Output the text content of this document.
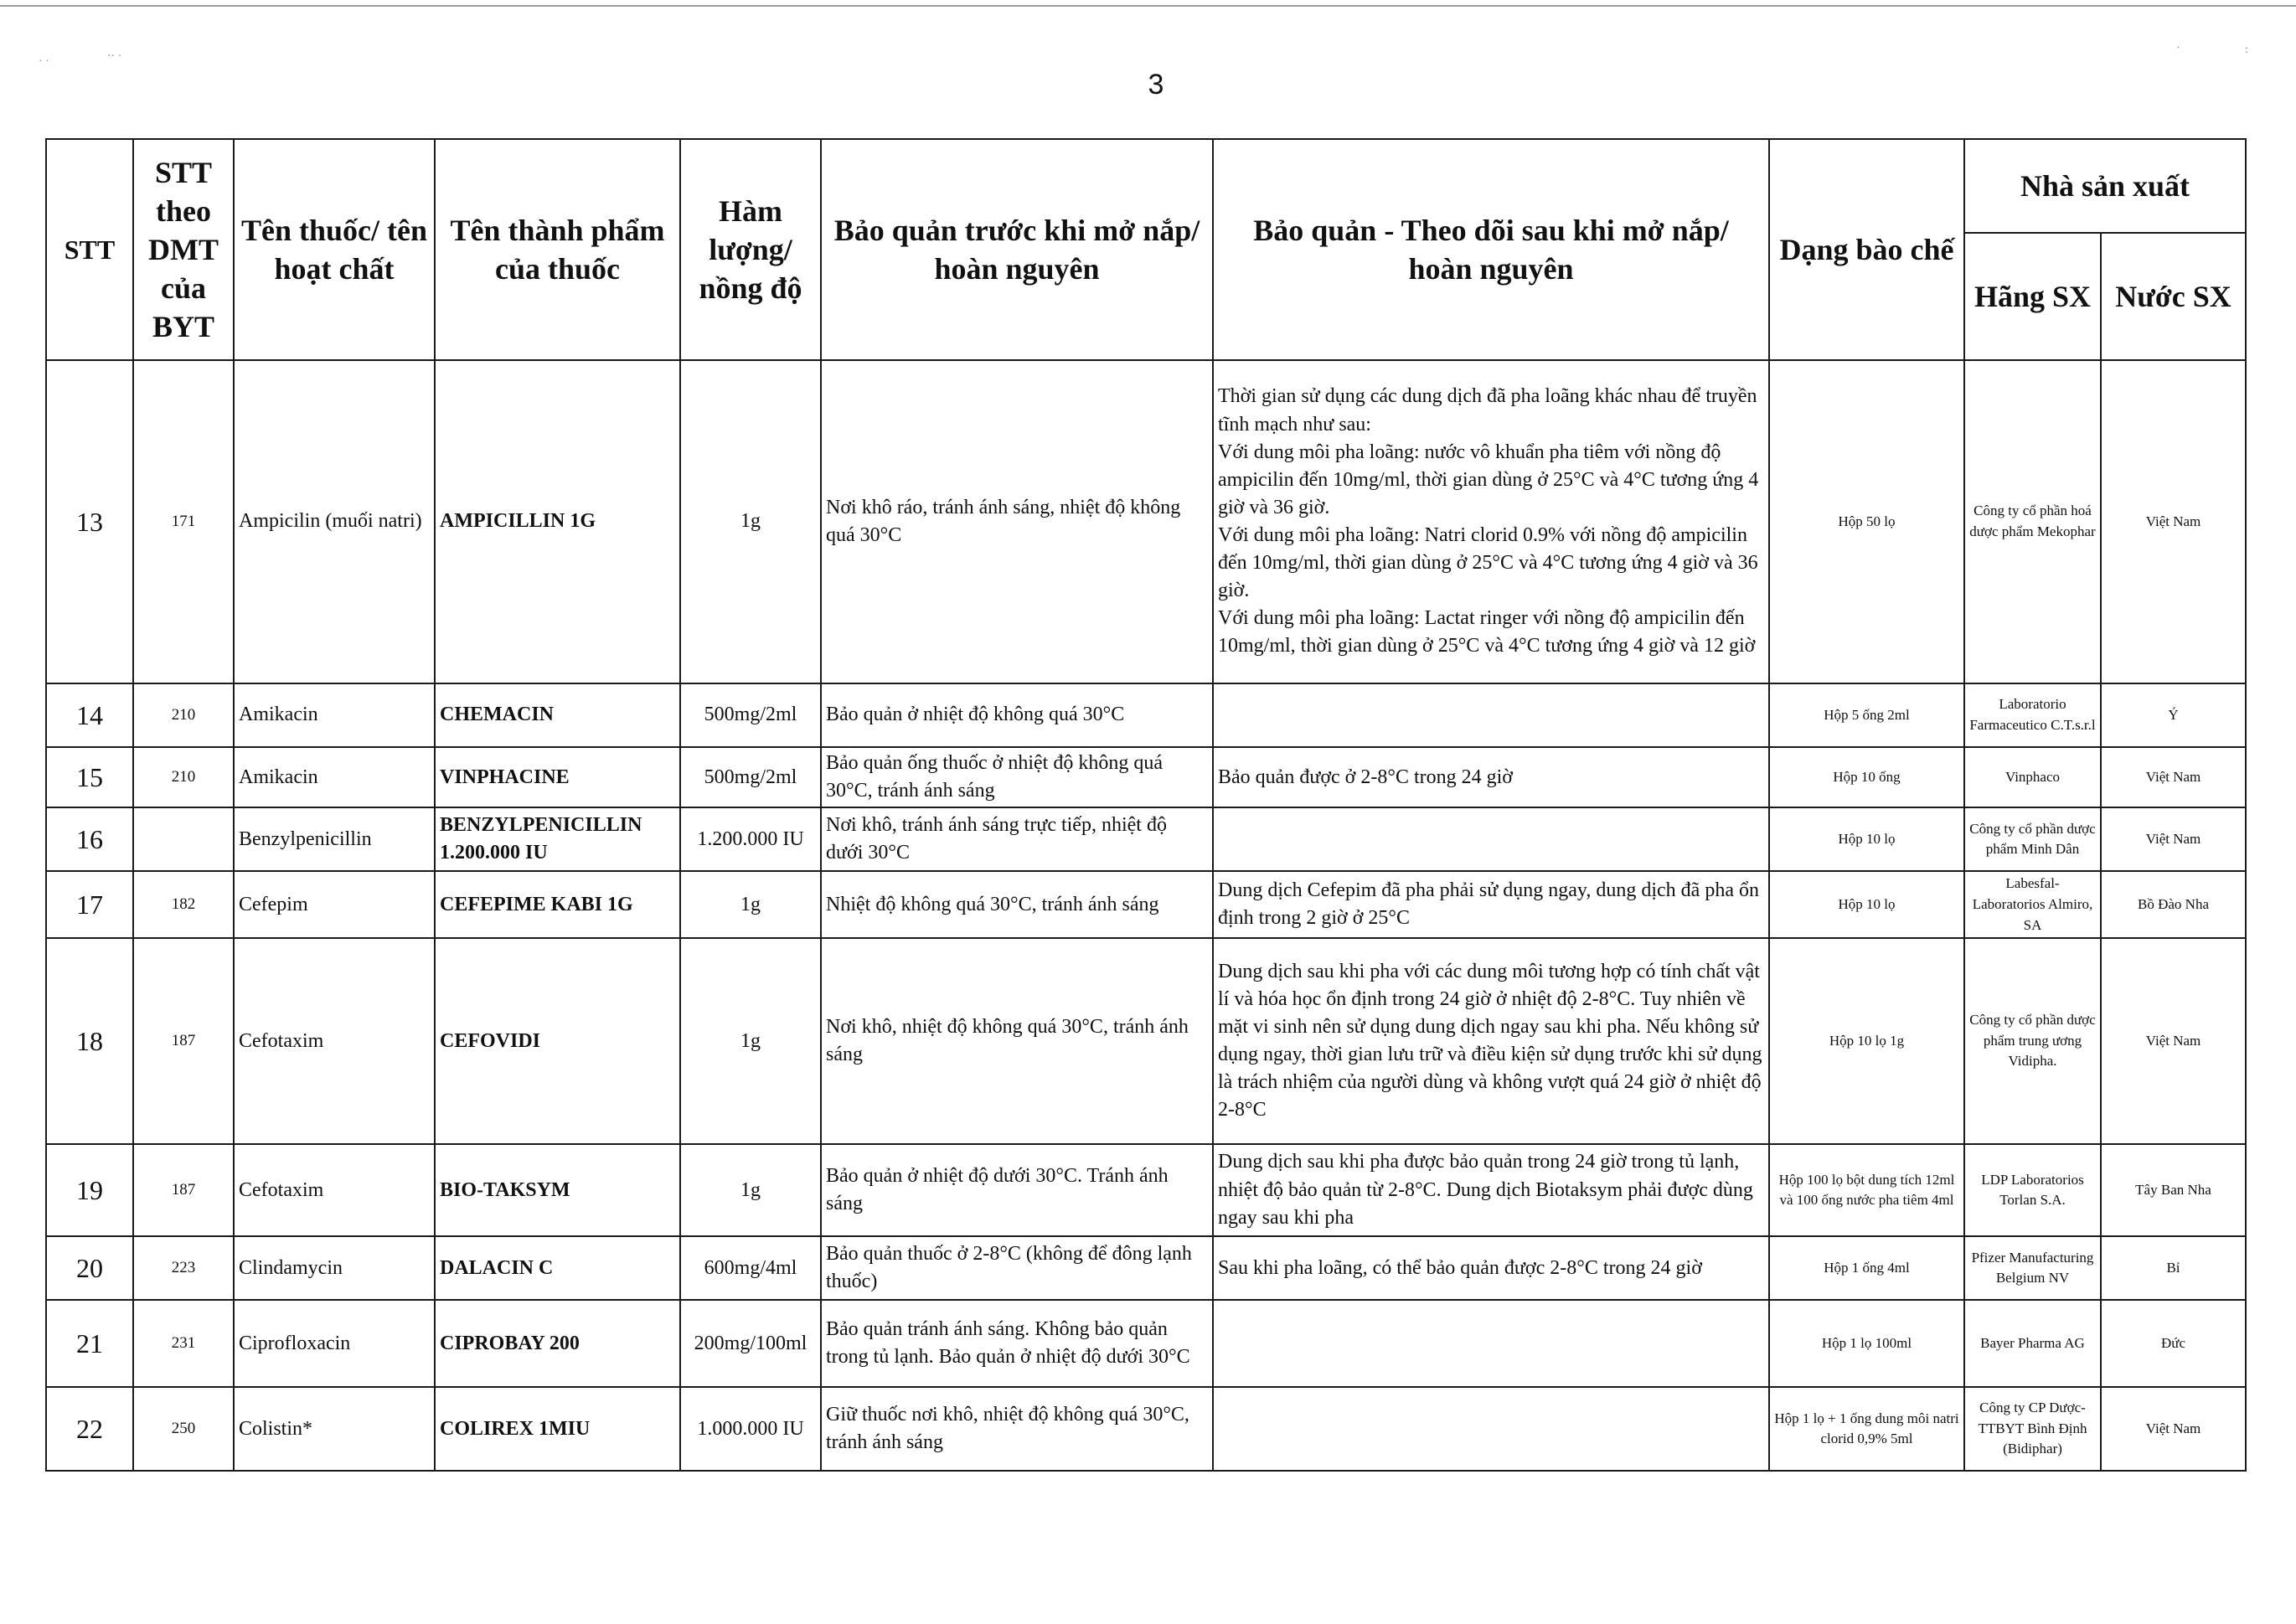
· ·	·· ·
·	:
3
STT	STT theo DMT của BYT	Tên thuốc/ tên hoạt chất	Tên thành phẩm của thuốc	Hàm lượng/ nồng độ	Bảo quản trước khi mở nắp/ hoàn nguyên	Bảo quản - Theo dõi sau khi mở nắp/ hoàn nguyên	Dạng bào chế	Nhà sản xuất	
								Hãng SX	Nước SX
13	171	Ampicilin (muối natri)	AMPICILLIN 1G	1g	Nơi khô ráo, tránh ánh sáng, nhiệt độ không quá 30°C	Thời gian sử dụng các dung dịch đã pha loãng khác nhau để truyền tĩnh mạch như sau:
Với dung môi pha loãng: nước vô khuẩn pha tiêm với nồng độ ampicilin đến 10mg/ml, thời gian dùng ở 25°C và 4°C tương ứng 4 giờ và 36 giờ.
Với dung môi pha loãng: Natri clorid 0.9% với nồng độ ampicilin đến 10mg/ml, thời gian dùng ở 25°C và 4°C tương ứng 4 giờ và 36 giờ.
Với dung môi pha loãng: Lactat ringer với nồng độ ampicilin đến 10mg/ml, thời gian dùng ở 25°C và 4°C tương ứng 4 giờ và 12 giờ	Hộp 50 lọ	Công ty cổ phần hoá dược phẩm Mekophar	Việt Nam
14	210	Amikacin	CHEMACIN	500mg/2ml	Bảo quản ở nhiệt độ không quá 30°C		Hộp 5 ống 2ml	Laboratorio Farmaceutico C.T.s.r.l	Ý
15	210	Amikacin	VINPHACINE	500mg/2ml	Bảo quản ống thuốc ở nhiệt độ không quá 30°C, tránh ánh sáng	Bảo quản được ở 2-8°C trong 24 giờ	Hộp 10 ống	Vinphaco	Việt Nam
16		Benzylpenicillin	BENZYLPENICILLIN 1.200.000 IU	1.200.000 IU	Nơi khô, tránh ánh sáng trực tiếp, nhiệt độ dưới 30°C		Hộp 10 lọ	Công ty cổ phần dược phẩm Minh Dân	Việt Nam
17	182	Cefepim	CEFEPIME KABI 1G	1g	Nhiệt độ không quá 30°C, tránh ánh sáng	Dung dịch Cefepim đã pha phải sử dụng ngay, dung dịch đã pha ổn định trong 2 giờ ở 25°C	Hộp 10 lọ	Labesfal-Laboratorios Almiro, SA	Bồ Đào Nha
18	187	Cefotaxim	CEFOVIDI	1g	Nơi khô, nhiệt độ không quá 30°C, tránh ánh sáng	Dung dịch sau khi pha với các dung môi tương hợp có tính chất vật lí và hóa học ổn định trong 24 giờ ở nhiệt độ 2-8°C. Tuy nhiên về mặt vi sinh nên sử dụng dung dịch ngay sau khi pha. Nếu không sử dụng ngay, thời gian lưu trữ và điều kiện sử dụng trước khi sử dụng là trách nhiệm của người dùng và không vượt quá 24 giờ ở nhiệt độ 2-8°C	Hộp 10 lọ 1g	Công ty cổ phần dược phẩm trung ương Vidipha.	Việt Nam
19	187	Cefotaxim	BIO-TAKSYM	1g	Bảo quản ở nhiệt độ dưới 30°C. Tránh ánh sáng	Dung dịch sau khi pha được bảo quản trong 24 giờ trong tủ lạnh, nhiệt độ bảo quản từ 2-8°C. Dung dịch Biotaksym phải được dùng ngay sau khi pha	Hộp 100 lọ bột dung tích 12ml và 100 ống nước pha tiêm 4ml	LDP Laboratorios Torlan S.A.	Tây Ban Nha
20	223	Clindamycin	DALACIN C	600mg/4ml	Bảo quản thuốc ở 2-8°C (không để đông lạnh thuốc)	Sau khi pha loãng, có thể bảo quản được 2-8°C trong 24 giờ	Hộp 1 ống 4ml	Pfizer Manufacturing Belgium NV	Bỉ
21	231	Ciprofloxacin	CIPROBAY 200	200mg/100ml	Bảo quản tránh ánh sáng. Không bảo quản trong tủ lạnh. Bảo quản ở nhiệt độ dưới 30°C		Hộp 1 lọ 100ml	Bayer Pharma AG	Đức
22	250	Colistin*	COLIREX 1MIU	1.000.000 IU	Giữ thuốc nơi khô, nhiệt độ không quá 30°C, tránh ánh sáng		Hộp 1 lọ + 1 ống dung môi natri clorid 0,9% 5ml	Công ty CP Dược-TTBYT Bình Định (Bidiphar)	Việt Nam
